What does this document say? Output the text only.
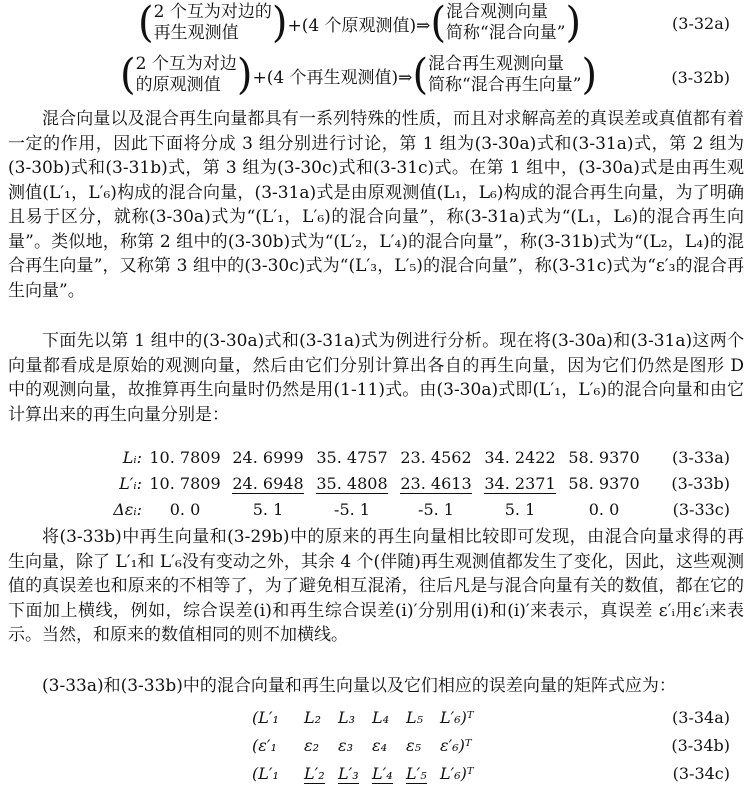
( 2 个互为对边的
再生观测值 ) +(4 个原观测值)⇒ ( 混合观测向量
简称“混合向量” )	(3-32a)
( 2 个互为对边
的原观测值 ) +(4 个再生观测值)⇒ ( 混合再生观测向量
简称“混合再生向量” )	(3-32b)

混合向量以及混合再生向量都具有一系列特殊的性质，而且对求解高差的真误差或真值都有着一定的作用，因此下面将分成 3 组分别进行讨论，第 1 组为(3-30a)式和(3-31a)式，第 2 组为(3-30b)式和(3-31b)式，第 3 组为(3-30c)式和(3-31c)式。在第 1 组中，(3-30a)式是由再生观测值(L′₁，L′₆)构成的混合向量，(3-31a)式是由原观测值(L₁，L₆)构成的混合再生向量，为了明确且易于区分，就称(3-30a)式为“(L′₁，L′₆)的混合向量”，称(3-31a)式为“(L₁，L₆)的混合再生向量”。类似地，称第 2 组中的(3-30b)式为“(L′₂，L′₄)的混合向量”，称(3-31b)式为“(L₂，L₄)的混合再生向量”，又称第 3 组中的(3-30c)式为“(L′₃，L′₅)的混合向量”，称(3-31c)式为“ε′₃的混合再生向量”。

下面先以第 1 组中的(3-30a)式和(3-31a)式为例进行分析。现在将(3-30a)和(3-31a)这两个向量都看成是原始的观测向量，然后由它们分别计算出各自的再生向量，因为它们仍然是图形 D 中的观测向量，故推算再生向量时仍然是用(1-11)式。由(3-30a)式即(L′₁，L′₆)的混合向量和由它计算出来的再生向量分别是：

Lᵢ: 10. 7809 24. 6999 35. 4757 23. 4562 34. 2422 58. 9370 (3-33a)
L′ᵢ: 10. 7809 24. 6948 35. 4808 23. 4613 34. 2371 58. 9370 (3-33b)
Δεᵢ:	0. 0	5. 1	-5. 1	-5. 1	5. 1	0. 0	(3-33c)

将(3-33b)中再生向量和(3-29b)中的原来的再生向量相比较即可发现，由混合向量求得的再生向量，除了 L′₁和 L′₆没有变动之外，其余 4 个(伴随)再生观测值都发生了变化，因此，这些观测值的真误差也和原来的不相等了，为了避免相互混淆，往后凡是与混合向量有关的数值，都在它的下面加上横线，例如，综合误差(i)和再生综合误差(i)′分别用(i)和(i)′来表示，真误差 ε′ᵢ用ε′ᵢ来表示。当然，和原来的数值相同的则不加横线。

(3-33a)和(3-33b)中的混合向量和再生向量以及它们相应的误差向量的矩阵式应为：

(L′₁ L₂ L₃ L₄ L₅ L′₆)ᵀ	(3-34a)
(ε′₁ ε₂ ε₃ ε₄ ε₅ ε′₆)ᵀ	(3-34b)
(L′₁ L′₂ L′₃ L′₄ L′₅ L′₆)ᵀ	(3-34c)
